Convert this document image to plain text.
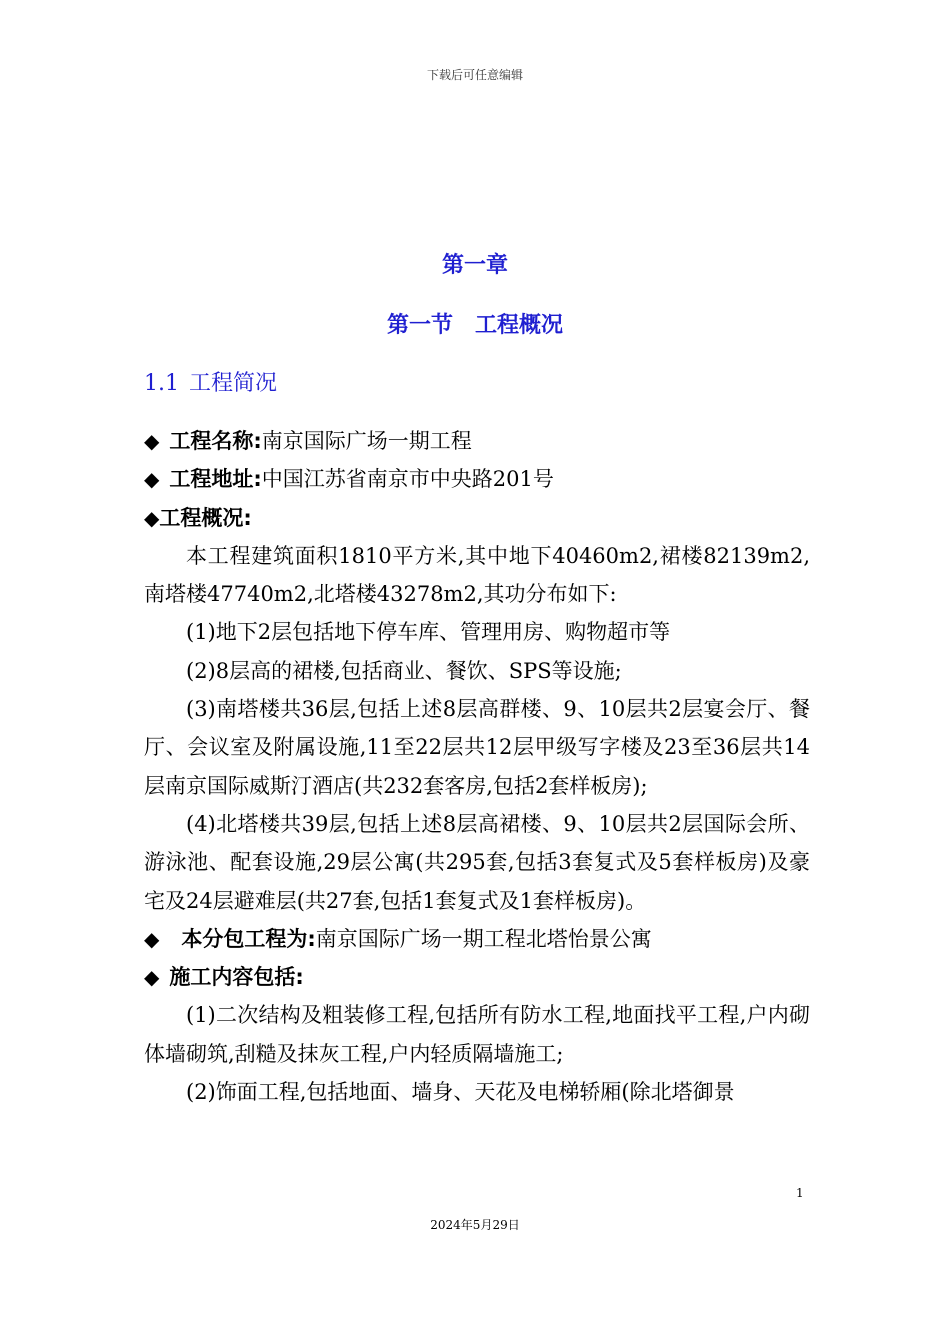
下载后可任意编辑
第一章
第一节 工程概况
1.1 工程简况

◆ 工程名称:南京国际广场一期工程

◆ 工程地址:中国江苏省南京市中央路201号

◆工程概况:

本工程建筑面积1810平方米,其中地下40460m2,裙楼82139m2,南塔楼47740m2,北塔楼43278m2,其功分布如下:

(1)地下2层包括地下停车库、管理用房、购物超市等

(2)8层高的裙楼,包括商业、餐饮、SPS等设施;

(3)南塔楼共36层,包括上述8层高群楼、9、10层共2层宴会厅、餐厅、会议室及附属设施,11至22层共12层甲级写字楼及23至36层共14层南京国际威斯汀酒店(共232套客房,包括2套样板房);

(4)北塔楼共39层,包括上述8层高裙楼、9、10层共2层国际会所、游泳池、配套设施,29层公寓(共295套,包括3套复式及5套样板房)及豪宅及24层避难层(共27套,包括1套复式及1套样板房)。

◆ 本分包工程为:南京国际广场一期工程北塔怡景公寓

◆ 施工内容包括:

(1)二次结构及粗装修工程,包括所有防水工程,地面找平工程,户内砌体墙砌筑,刮糙及抹灰工程,户内轻质隔墙施工;

(2)饰面工程,包括地面、墙身、天花及电梯轿厢(除北塔御景

1
2024年5月29日
